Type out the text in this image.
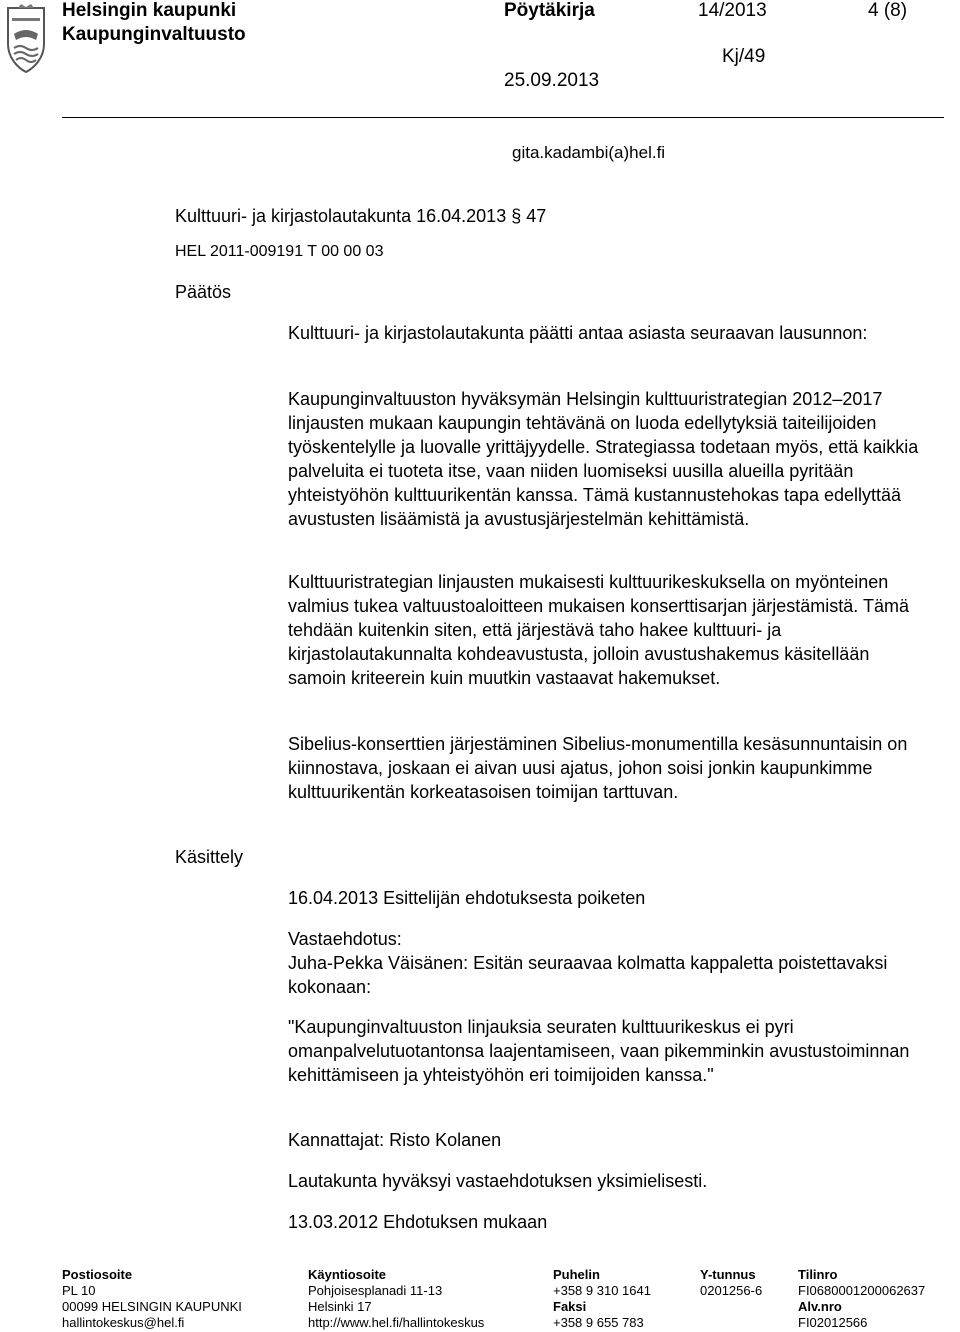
Helsingin kaupunki
Kaupunginvaltuusto
Pöytäkirja	14/2013	4 (8)
Kj/49
25.09.2013
gita.kadambi(a)hel.fi
Kulttuuri- ja kirjastolautakunta 16.04.2013 § 47
HEL 2011-009191 T 00 00 03
Päätös
Käsittely

Kulttuuri- ja kirjastolautakunta päätti antaa asiasta seuraavan lausunnon:

Kaupunginvaltuuston hyväksymän Helsingin kulttuuristrategian 2012–2017 linjausten mukaan kaupungin tehtävänä on luoda edellytyksiä taiteilijoiden työskentelylle ja luovalle yrittäjyydelle. Strategiassa todetaan myös, että kaikkia palveluita ei tuoteta itse, vaan niiden luomiseksi uusilla alueilla pyritään yhteistyöhön kulttuurikentän kanssa. Tämä kustannustehokas tapa edellyttää avustusten lisäämistä ja avustusjärjestelmän kehittämistä.

Kulttuuristrategian linjausten mukaisesti kulttuurikeskuksella on myönteinen valmius tukea valtuustoaloitteen mukaisen konserttisarjan järjestämistä. Tämä tehdään kuitenkin siten, että järjestävä taho hakee kulttuuri- ja kirjastolautakunnalta kohdeavustusta, jolloin avustushakemus käsitellään samoin kriteerein kuin muutkin vastaavat hakemukset.

Sibelius-konserttien järjestäminen Sibelius-monumentilla kesäsunnuntaisin on kiinnostava, joskaan ei aivan uusi ajatus, johon soisi jonkin kaupunkimme kulttuurikentän korkeatasoisen toimijan tarttuvan.

16.04.2013 Esittelijän ehdotuksesta poiketen

Vastaehdotus:
Juha-Pekka Väisänen: Esitän seuraavaa kolmatta kappaletta poistettavaksi kokonaan:

"Kaupunginvaltuuston linjauksia seuraten kulttuurikeskus ei pyri omanpalvelutuotantonsa laajentamiseen, vaan pikemminkin avustustoiminnan kehittämiseen ja yhteistyöhön eri toimijoiden kanssa."

Kannattajat: Risto Kolanen

Lautakunta hyväksyi vastaehdotuksen yksimielisesti.

13.03.2012 Ehdotuksen mukaan

Postiosoite
PL 10
00099 HELSINGIN KAUPUNKI
hallintokeskus@hel.fi
Käyntiosoite
Pohjoisesplanadi 11-13
Helsinki 17
http://www.hel.fi/hallintokeskus
Puhelin
+358 9 310 1641
Faksi
+358 9 655 783
Y-tunnus
0201256-6
Tilinro
FI0680001200062637
Alv.nro
FI02012566
